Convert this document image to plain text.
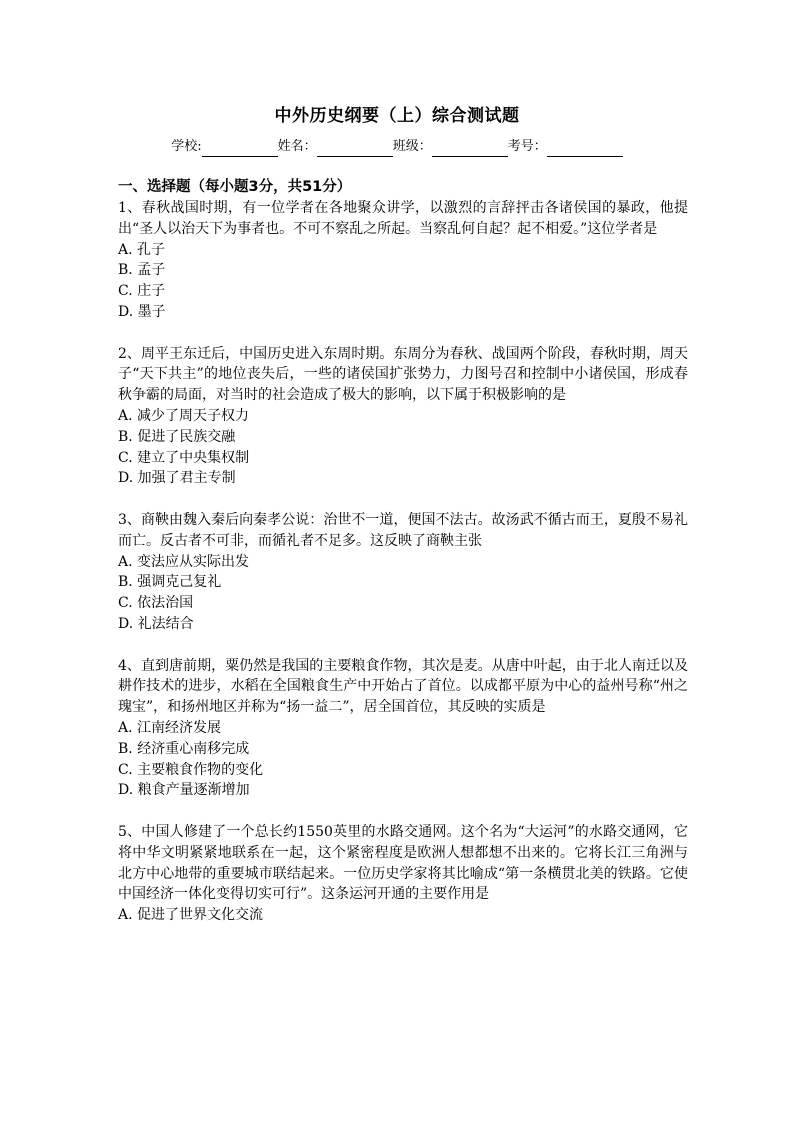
中外历史纲要（上）综合测试题
学校:	姓名：	班级：	考号：
一、选择题（每小题3分，共51分）

1、春秋战国时期，有一位学者在各地聚众讲学，以激烈的言辞抨击各诸侯国的暴政，他提出“圣人以治天下为事者也。不可不察乱之所起。当察乱何自起？起不相爱。”这位学者是

A. 孔子

B. 孟子

C. 庄子

D. 墨子

2、周平王东迁后，中国历史进入东周时期。东周分为春秋、战国两个阶段，春秋时期，周天子“天下共主”的地位丧失后，一些的诸侯国扩张势力，力图号召和控制中小诸侯国，形成春秋争霸的局面，对当时的社会造成了极大的影响，以下属于积极影响的是

A. 减少了周天子权力

B. 促进了民族交融

C. 建立了中央集权制

D. 加强了君主专制

3、商鞅由魏入秦后向秦孝公说：治世不一道，便国不法古。故汤武不循古而王，夏殷不易礼而亡。反古者不可非，而循礼者不足多。这反映了商鞅主张

A. 变法应从实际出发

B. 强调克己复礼

C. 依法治国

D. 礼法结合

4、直到唐前期，粟仍然是我国的主要粮食作物，其次是麦。从唐中叶起，由于北人南迁以及耕作技术的进步，水稻在全国粮食生产中开始占了首位。以成都平原为中心的益州号称“州之瑰宝”，和扬州地区并称为“扬一益二”，居全国首位，其反映的实质是

A. 江南经济发展

B. 经济重心南移完成

C. 主要粮食作物的变化

D. 粮食产量逐渐增加

5、中国人修建了一个总长约1550英里的水路交通网。这个名为“大运河”的水路交通网，它将中华文明紧紧地联系在一起，这个紧密程度是欧洲人想都想不出来的。它将长江三角洲与北方中心地带的重要城市联结起来。一位历史学家将其比喻成“第一条横贯北美的铁路。它使中国经济一体化变得切实可行”。这条运河开通的主要作用是

A. 促进了世界文化交流
